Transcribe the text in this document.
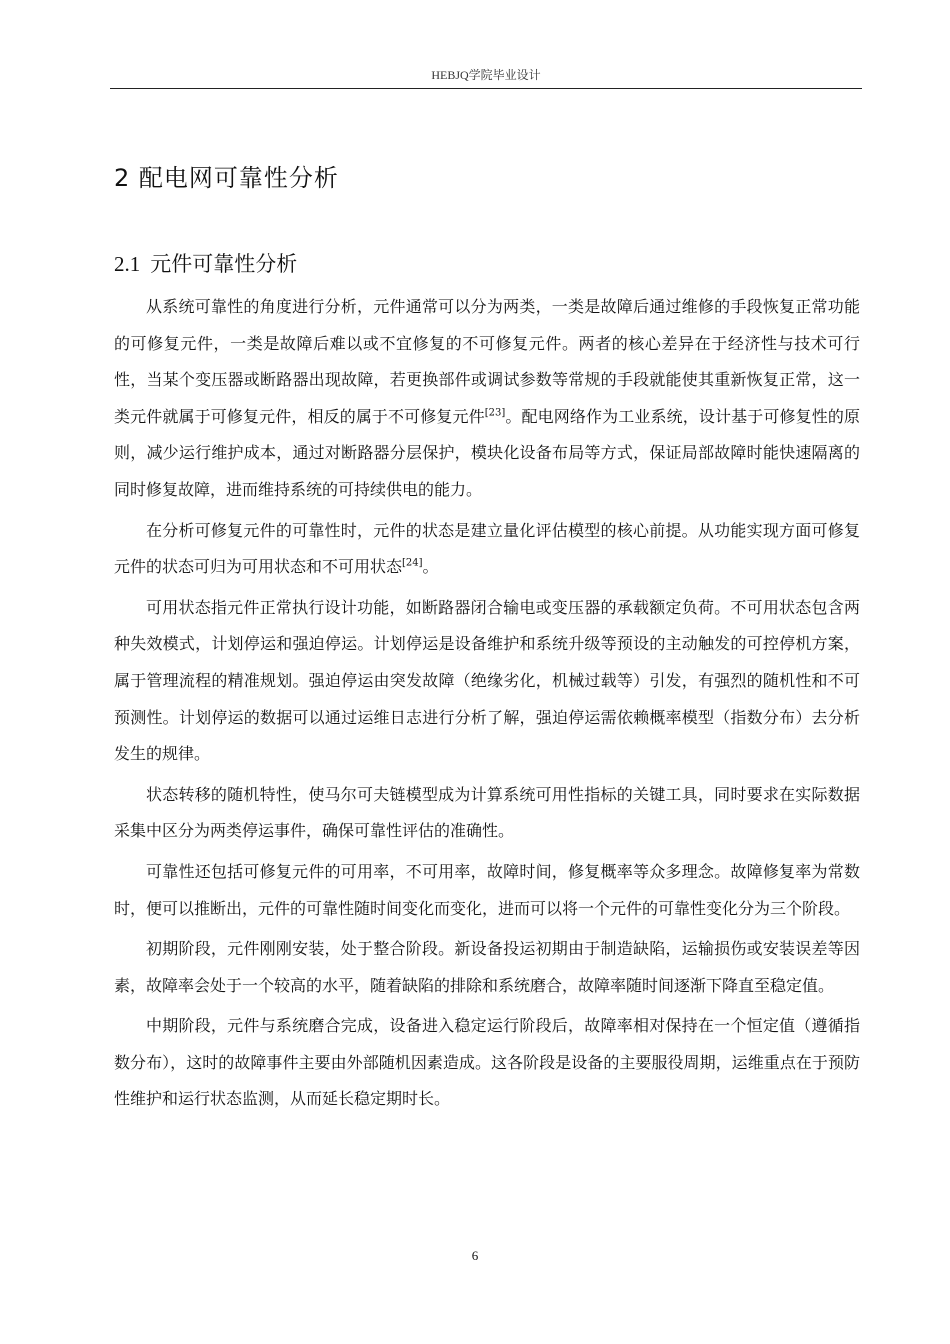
HEBJQ学院毕业设计
2 配电网可靠性分析
2.1 元件可靠性分析

从系统可靠性的角度进行分析，元件通常可以分为两类，一类是故障后通过维修的手段恢复正常功能的可修复元件，一类是故障后难以或不宜修复的不可修复元件。两者的核心差异在于经济性与技术可行性，当某个变压器或断路器出现故障，若更换部件或调试参数等常规的手段就能使其重新恢复正常，这一类元件就属于可修复元件，相反的属于不可修复元件[23]。配电网络作为工业系统，设计基于可修复性的原则，减少运行维护成本，通过对断路器分层保护，模块化设备布局等方式，保证局部故障时能快速隔离的同时修复故障，进而维持系统的可持续供电的能力。

在分析可修复元件的可靠性时，元件的状态是建立量化评估模型的核心前提。从功能实现方面可修复元件的状态可归为可用状态和不可用状态[24]。

可用状态指元件正常执行设计功能，如断路器闭合输电或变压器的承载额定负荷。不可用状态包含两种失效模式，计划停运和强迫停运。计划停运是设备维护和系统升级等预设的主动触发的可控停机方案，属于管理流程的精准规划。强迫停运由突发故障（绝缘劣化，机械过载等）引发，有强烈的随机性和不可预测性。计划停运的数据可以通过运维日志进行分析了解，强迫停运需依赖概率模型（指数分布）去分析发生的规律。

状态转移的随机特性，使马尔可夫链模型成为计算系统可用性指标的关键工具，同时要求在实际数据采集中区分为两类停运事件，确保可靠性评估的准确性。

可靠性还包括可修复元件的可用率，不可用率，故障时间，修复概率等众多理念。故障修复率为常数时，便可以推断出，元件的可靠性随时间变化而变化，进而可以将一个元件的可靠性变化分为三个阶段。

初期阶段，元件刚刚安装，处于整合阶段。新设备投运初期由于制造缺陷，运输损伤或安装误差等因素，故障率会处于一个较高的水平，随着缺陷的排除和系统磨合，故障率随时间逐渐下降直至稳定值。

中期阶段，元件与系统磨合完成，设备进入稳定运行阶段后，故障率相对保持在一个恒定值（遵循指数分布），这时的故障事件主要由外部随机因素造成。这各阶段是设备的主要服役周期，运维重点在于预防性维护和运行状态监测，从而延长稳定期时长。

6
